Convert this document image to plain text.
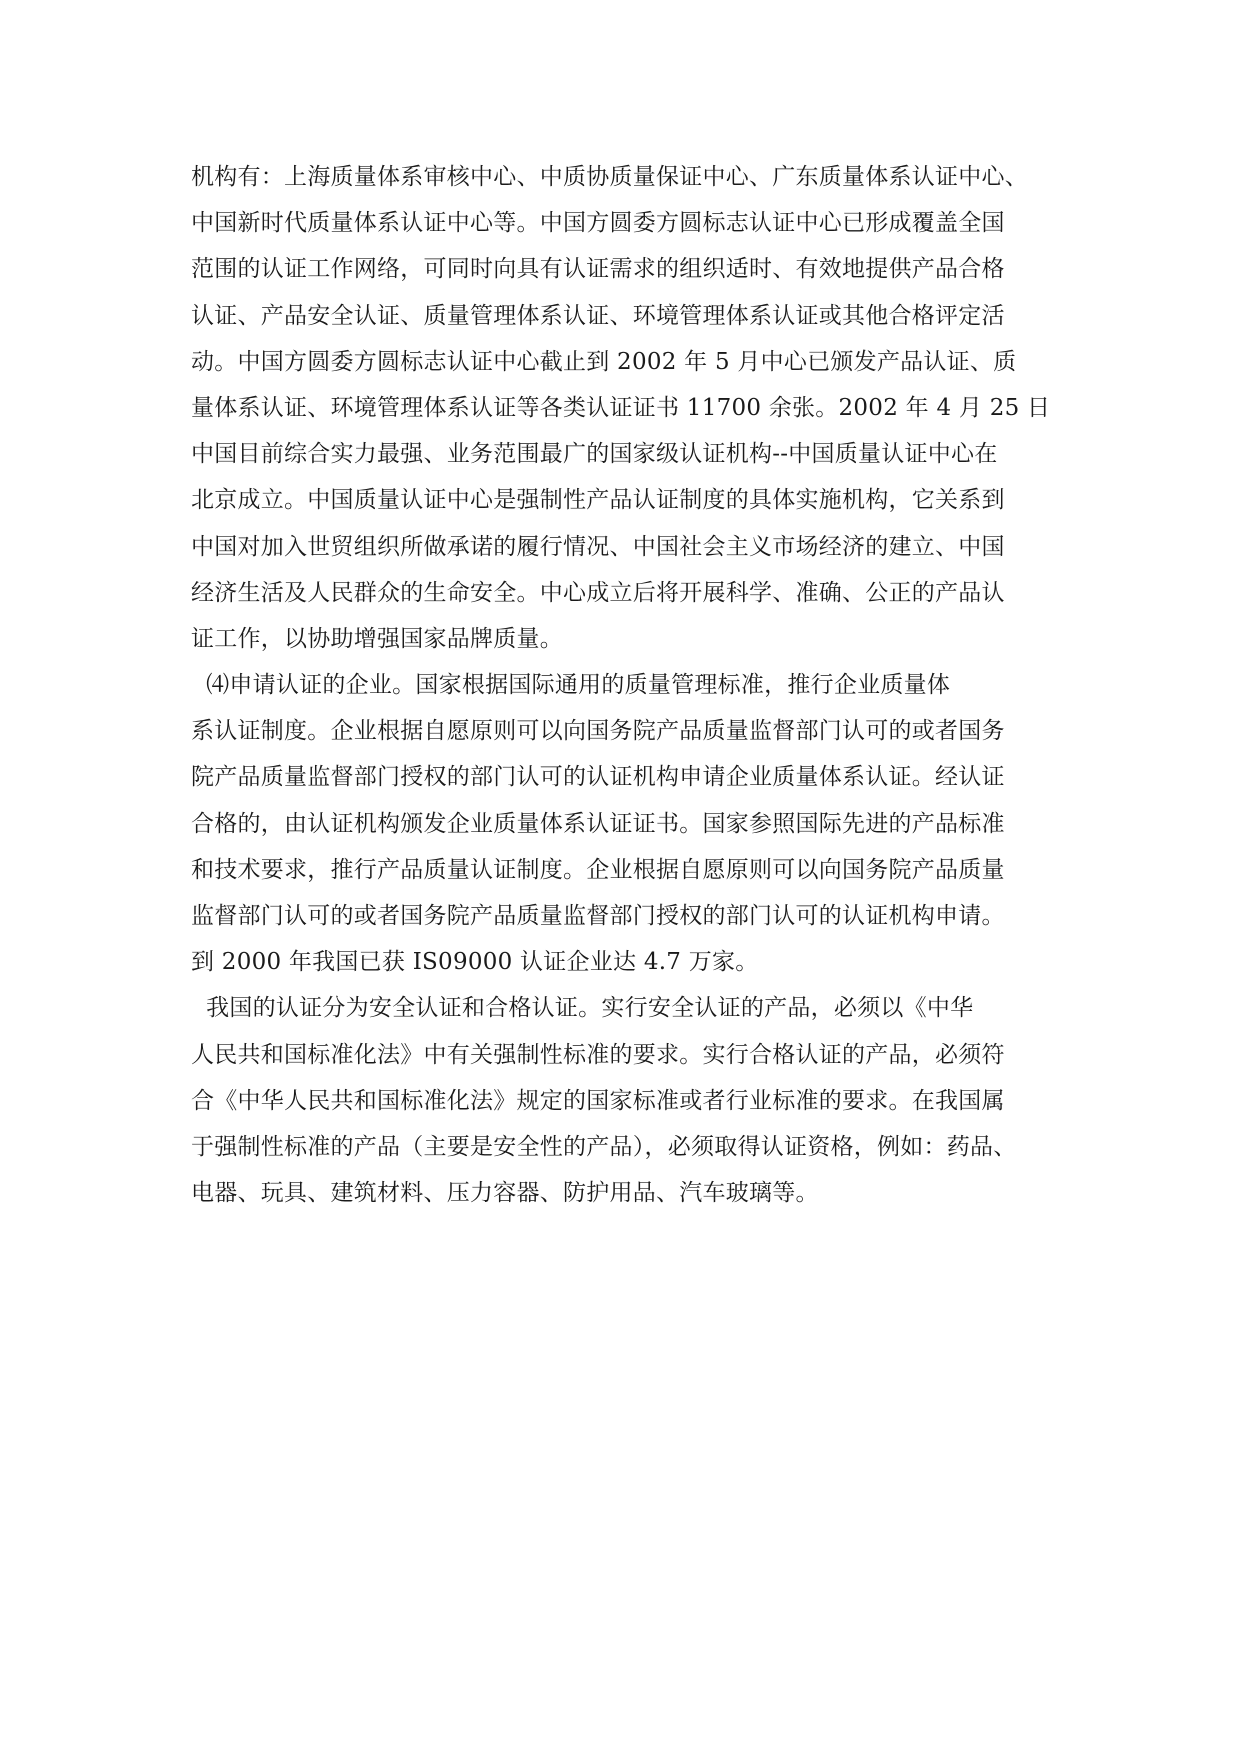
机构有：上海质量体系审核中心、中质协质量保证中心、广东质量体系认证中心、
中国新时代质量体系认证中心等。中国方圆委方圆标志认证中心已形成覆盖全国
范围的认证工作网络，可同时向具有认证需求的组织适时、有效地提供产品合格
认证、产品安全认证、质量管理体系认证、环境管理体系认证或其他合格评定活
动。中国方圆委方圆标志认证中心截止到 2002 年 5 月中心已颁发产品认证、质
量体系认证、环境管理体系认证等各类认证证书 11700 余张。2002 年 4 月 25 日
中国目前综合实力最强、业务范围最广的国家级认证机构--中国质量认证中心在
北京成立。中国质量认证中心是强制性产品认证制度的具体实施机构，它关系到
中国对加入世贸组织所做承诺的履行情况、中国社会主义市场经济的建立、中国
经济生活及人民群众的生命安全。中心成立后将开展科学、准确、公正的产品认
证工作，以协助增强国家品牌质量。
⑷申请认证的企业。国家根据国际通用的质量管理标准，推行企业质量体
系认证制度。企业根据自愿原则可以向国务院产品质量监督部门认可的或者国务
院产品质量监督部门授权的部门认可的认证机构申请企业质量体系认证。经认证
合格的，由认证机构颁发企业质量体系认证证书。国家参照国际先进的产品标准
和技术要求，推行产品质量认证制度。企业根据自愿原则可以向国务院产品质量
监督部门认可的或者国务院产品质量监督部门授权的部门认可的认证机构申请。
到 2000 年我国已获 IS09000 认证企业达 4.7 万家。
我国的认证分为安全认证和合格认证。实行安全认证的产品，必须以《中华
人民共和国标准化法》中有关强制性标准的要求。实行合格认证的产品，必须符
合《中华人民共和国标准化法》规定的国家标准或者行业标准的要求。在我国属
于强制性标准的产品（主要是安全性的产品），必须取得认证资格，例如：药品、
电器、玩具、建筑材料、压力容器、防护用品、汽车玻璃等。
